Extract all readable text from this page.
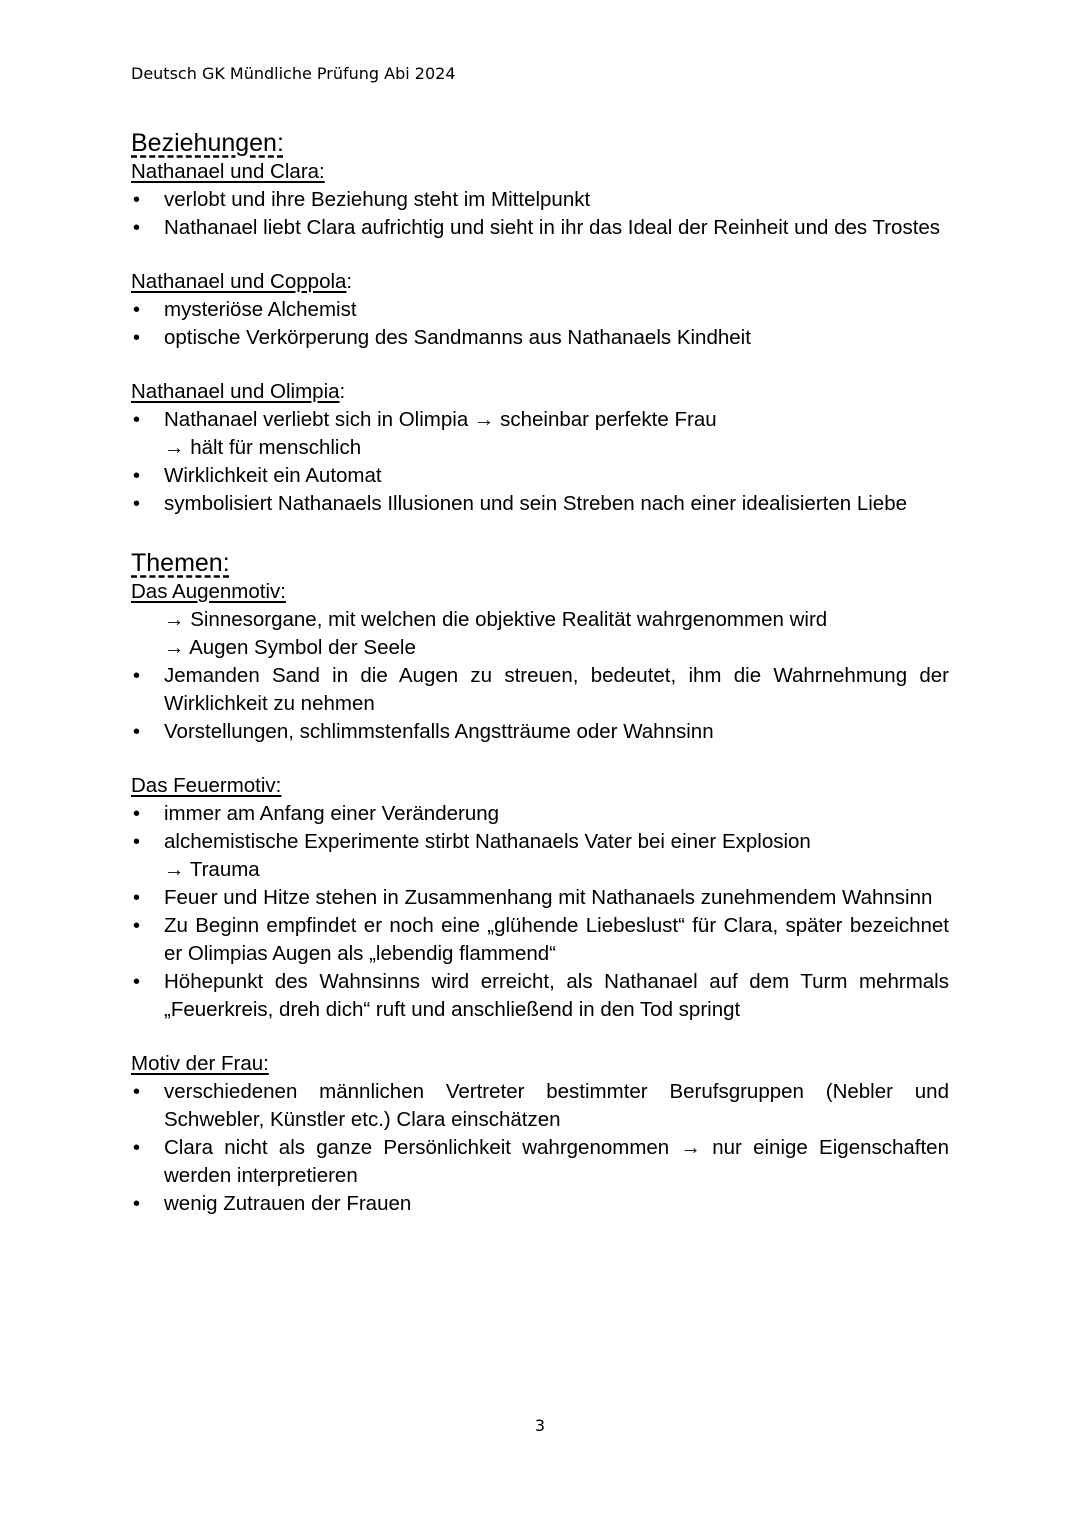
Deutsch GK Mündliche Prüfung Abi 2024
Beziehungen:

Nathanael und Clara:

• verlobt und ihre Beziehung steht im Mittelpunkt
• Nathanael liebt Clara aufrichtig und sieht in ihr das Ideal der Reinheit und des Trostes

Nathanael und Coppola:

• mysteriöse Alchemist
• optische Verkörperung des Sandmanns aus Nathanaels Kindheit

Nathanael und Olimpia:

• Nathanael verliebt sich in Olimpia → scheinbar perfekte Frau
→ hält für menschlich
• Wirklichkeit ein Automat
• symbolisiert Nathanaels Illusionen und sein Streben nach einer idealisierten Liebe
Themen:

Das Augenmotiv:

→ Sinnesorgane, mit welchen die objektive Realität wahrgenommen wird
→ Augen Symbol der Seele
• Jemanden Sand in die Augen zu streuen, bedeutet, ihm die Wahrnehmung der Wirklichkeit zu nehmen
• Vorstellungen, schlimmstenfalls Angstträume oder Wahnsinn

Das Feuermotiv:

• immer am Anfang einer Veränderung
• alchemistische Experimente stirbt Nathanaels Vater bei einer Explosion
→ Trauma
• Feuer und Hitze stehen in Zusammenhang mit Nathanaels zunehmendem Wahnsinn
• Zu Beginn empfindet er noch eine „glühende Liebeslust“ für Clara, später bezeichnet er Olimpias Augen als „lebendig flammend“
• Höhepunkt des Wahnsinns wird erreicht, als Nathanael auf dem Turm mehrmals „Feuerkreis, dreh dich“ ruft und anschließend in den Tod springt

Motiv der Frau:

• verschiedenen männlichen Vertreter bestimmter Berufsgruppen (Nebler und Schwebler, Künstler etc.) Clara einschätzen
• Clara nicht als ganze Persönlichkeit wahrgenommen → nur einige Eigenschaften werden interpretieren
• wenig Zutrauen der Frauen
3
